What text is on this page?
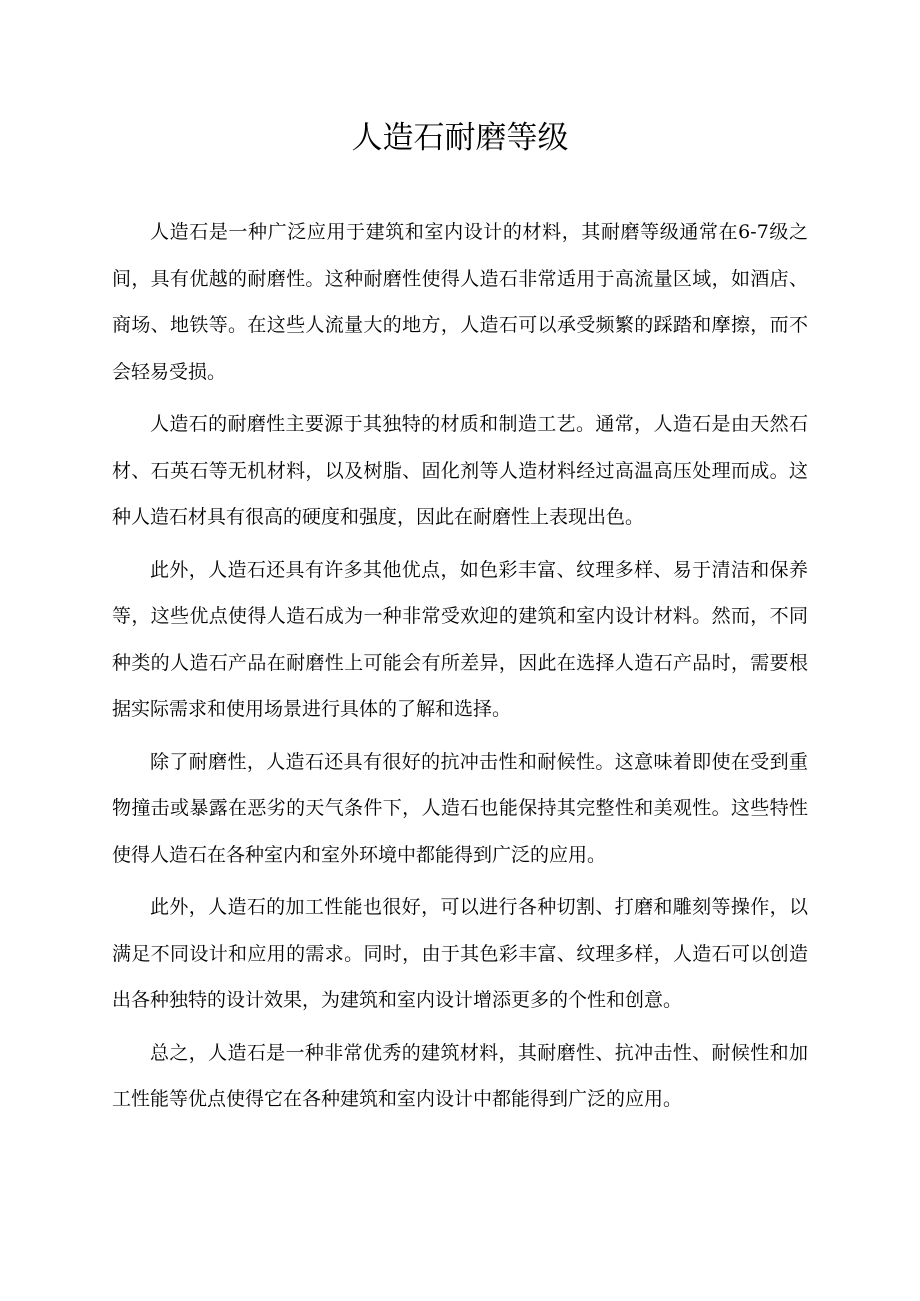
人造石耐磨等级

人造石是一种广泛应用于建筑和室内设计的材料，其耐磨等级通常在6-7级之间，具有优越的耐磨性。这种耐磨性使得人造石非常适用于高流量区域，如酒店、商场、地铁等。在这些人流量大的地方，人造石可以承受频繁的踩踏和摩擦，而不会轻易受损。

人造石的耐磨性主要源于其独特的材质和制造工艺。通常，人造石是由天然石材、石英石等无机材料，以及树脂、固化剂等人造材料经过高温高压处理而成。这种人造石材具有很高的硬度和强度，因此在耐磨性上表现出色。

此外，人造石还具有许多其他优点，如色彩丰富、纹理多样、易于清洁和保养等，这些优点使得人造石成为一种非常受欢迎的建筑和室内设计材料。然而，不同种类的人造石产品在耐磨性上可能会有所差异，因此在选择人造石产品时，需要根据实际需求和使用场景进行具体的了解和选择。

除了耐磨性，人造石还具有很好的抗冲击性和耐候性。这意味着即使在受到重物撞击或暴露在恶劣的天气条件下，人造石也能保持其完整性和美观性。这些特性使得人造石在各种室内和室外环境中都能得到广泛的应用。

此外，人造石的加工性能也很好，可以进行各种切割、打磨和雕刻等操作，以满足不同设计和应用的需求。同时，由于其色彩丰富、纹理多样，人造石可以创造出各种独特的设计效果，为建筑和室内设计增添更多的个性和创意。

总之，人造石是一种非常优秀的建筑材料，其耐磨性、抗冲击性、耐候性和加工性能等优点使得它在各种建筑和室内设计中都能得到广泛的应用。
